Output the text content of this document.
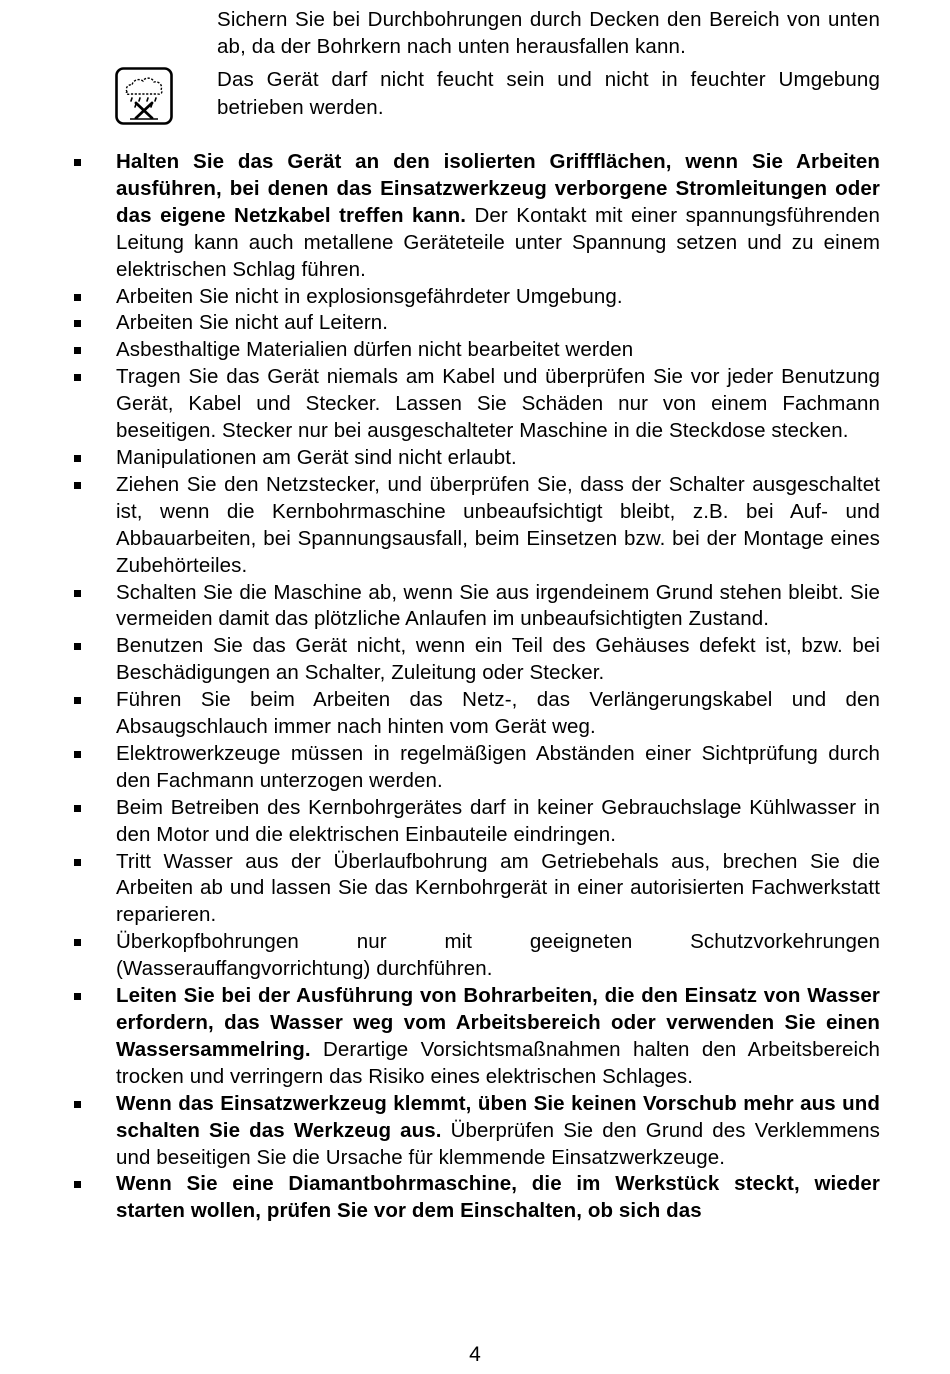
Sichern Sie bei Durchbohrungen durch Decken den Bereich von unten ab, da der Bohrkern nach unten herausfallen kann.

Das Gerät darf nicht feucht sein und nicht in feuchter Umgebung betrieben werden.

Halten Sie das Gerät an den isolierten Griffflächen, wenn Sie Arbeiten ausführen, bei denen das Einsatzwerkzeug verborgene Stromleitungen oder das eigene Netzkabel treffen kann. Der Kontakt mit einer spannungsführenden Leitung kann auch metallene Geräteteile unter Spannung setzen und zu einem elektrischen Schlag führen.
Arbeiten Sie nicht in explosionsgefährdeter Umgebung.
Arbeiten Sie nicht auf Leitern.
Asbesthaltige Materialien dürfen nicht bearbeitet werden
Tragen Sie das Gerät niemals am Kabel und überprüfen Sie vor jeder Benutzung Gerät, Kabel und Stecker. Lassen Sie Schäden nur von einem Fachmann beseitigen. Stecker nur bei ausgeschalteter Maschine in die Steckdose stecken.
Manipulationen am Gerät sind nicht erlaubt.
Ziehen Sie den Netzstecker, und überprüfen Sie, dass der Schalter ausgeschaltet ist, wenn die Kernbohrmaschine unbeaufsichtigt bleibt, z.B. bei Auf- und Abbauarbeiten, bei Spannungsausfall, beim Einsetzen bzw. bei der Montage eines Zubehörteiles.
Schalten Sie die Maschine ab, wenn Sie aus irgendeinem Grund stehen bleibt. Sie vermeiden damit das plötzliche Anlaufen im unbeaufsichtigten Zustand.
Benutzen Sie das Gerät nicht, wenn ein Teil des Gehäuses defekt ist, bzw. bei Beschädigungen an Schalter, Zuleitung oder Stecker.
Führen Sie beim Arbeiten das Netz-, das Verlängerungskabel und den Absaugschlauch immer nach hinten vom Gerät weg.
Elektrowerkzeuge müssen in regelmäßigen Abständen einer Sichtprüfung durch den Fachmann unterzogen werden.
Beim Betreiben des Kernbohrgerätes darf in keiner Gebrauchslage Kühlwasser in den Motor und die elektrischen Einbauteile eindringen.
Tritt Wasser aus der Überlaufbohrung am Getriebehals aus, brechen Sie die Arbeiten ab und lassen Sie das Kernbohrgerät in einer autorisierten Fachwerkstatt reparieren.
Überkopfbohrungen nur mit geeigneten Schutzvorkehrungen (Wasserauffangvorrichtung) durchführen.
Leiten Sie bei der Ausführung von Bohrarbeiten, die den Einsatz von Wasser erfordern, das Wasser weg vom Arbeitsbereich oder verwenden Sie einen Wassersammelring. Derartige Vorsichtsmaßnahmen halten den Arbeitsbereich trocken und verringern das Risiko eines elektrischen Schlages.
Wenn das Einsatzwerkzeug klemmt, üben Sie keinen Vorschub mehr aus und schalten Sie das Werkzeug aus. Überprüfen Sie den Grund des Verklemmens und beseitigen Sie die Ursache für klemmende Einsatzwerkzeuge.
Wenn Sie eine Diamantbohrmaschine, die im Werkstück steckt, wieder starten wollen, prüfen Sie vor dem Einschalten, ob sich das
4
